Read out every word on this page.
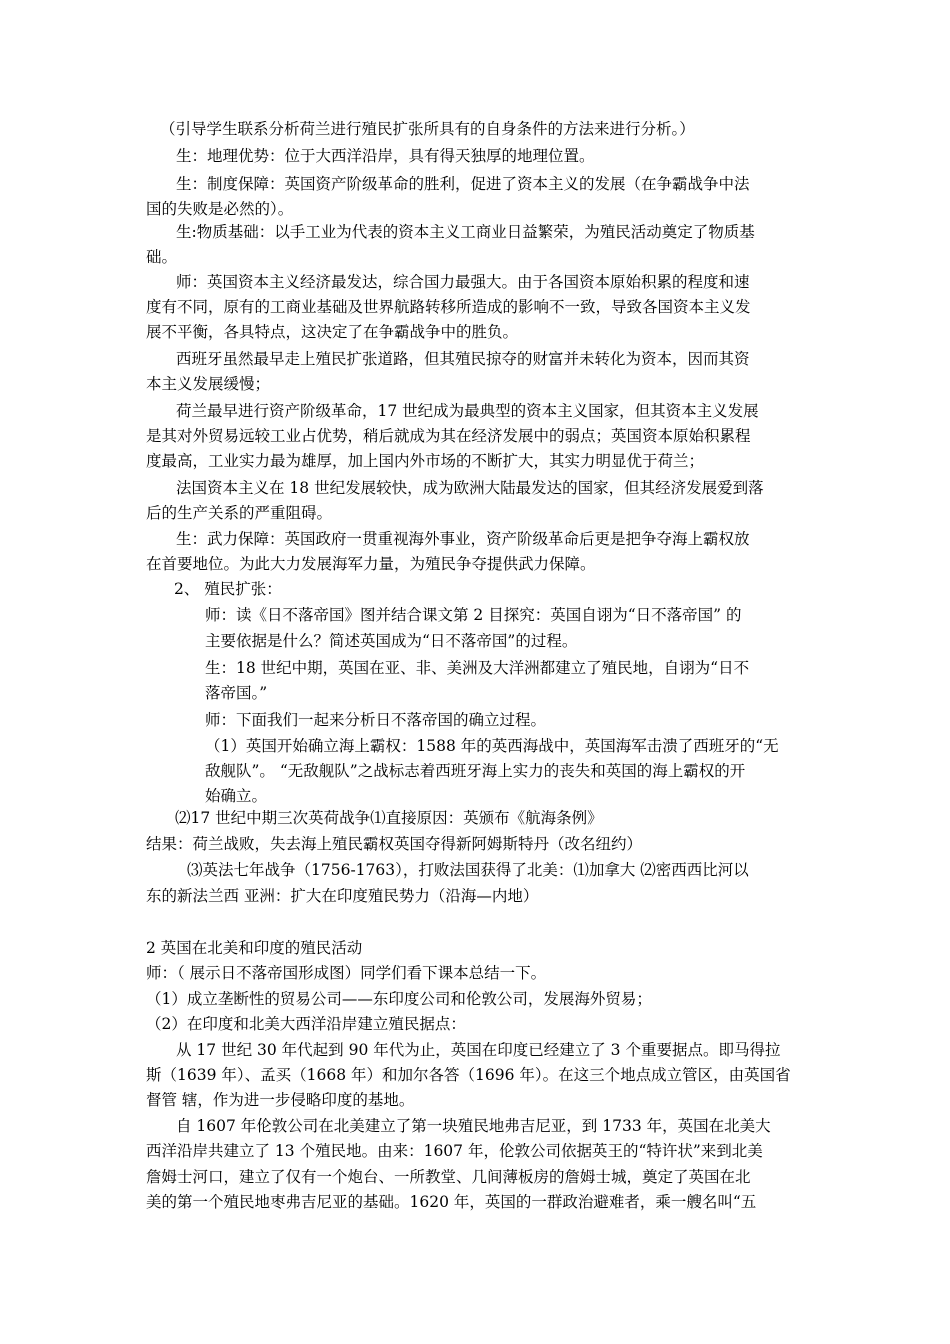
（引导学生联系分析荷兰进行殖民扩张所具有的自身条件的方法来进行分析。）
生：地理优势：位于大西洋沿岸，具有得天独厚的地理位置。
生：制度保障：英国资产阶级革命的胜利，促进了资本主义的发展（在争霸战争中法
国的失败是必然的）。
生:物质基础：以手工业为代表的资本主义工商业日益繁荣，为殖民活动奠定了物质基
础。
师：英国资本主义经济最发达，综合国力最强大。由于各国资本原始积累的程度和速
度有不同，原有的工商业基础及世界航路转移所造成的影响不一致，导致各国资本主义发
展不平衡，各具特点，这决定了在争霸战争中的胜负。
西班牙虽然最早走上殖民扩张道路，但其殖民掠夺的财富并未转化为资本，因而其资
本主义发展缓慢；
荷兰最早进行资产阶级革命，17 世纪成为最典型的资本主义国家，但其资本主义发展
是其对外贸易远较工业占优势，稍后就成为其在经济发展中的弱点；英国资本原始积累程
度最高，工业实力最为雄厚，加上国内外市场的不断扩大，其实力明显优于荷兰；
法国资本主义在 18 世纪发展较快，成为欧洲大陆最发达的国家，但其经济发展爱到落
后的生产关系的严重阻碍。
生：武力保障：英国政府一贯重视海外事业，资产阶级革命后更是把争夺海上霸权放
在首要地位。为此大力发展海军力量，为殖民争夺提供武力保障。
2、 殖民扩张：
师：读《日不落帝国》图并结合课文第 2 目探究：英国自诩为“日不落帝国” 的
主要依据是什么？简述英国成为“日不落帝国”的过程。
生：18 世纪中期，英国在亚、非、美洲及大洋洲都建立了殖民地，自诩为“日不
落帝国。”
师：下面我们一起来分析日不落帝国的确立过程。
（1）英国开始确立海上霸权：1588 年的英西海战中，英国海军击溃了西班牙的“无
敌舰队”。 “无敌舰队”之战标志着西班牙海上实力的丧失和英国的海上霸权的开
始确立。
⑵17 世纪中期三次英荷战争⑴直接原因：英颁布《航海条例》
结果：荷兰战败，失去海上殖民霸权英国夺得新阿姆斯特丹（改名纽约）
⑶英法七年战争（1756-1763），打败法国获得了北美：⑴加拿大 ⑵密西西比河以
东的新法兰西 亚洲：扩大在印度殖民势力（沿海—内地）
2 英国在北美和印度的殖民活动
师：（ 展示日不落帝国形成图）同学们看下课本总结一下。
（1）成立垄断性的贸易公司——东印度公司和伦敦公司，发展海外贸易；
（2）在印度和北美大西洋沿岸建立殖民据点：
从 17 世纪 30 年代起到 90 年代为止，英国在印度已经建立了 3 个重要据点。即马得拉
斯（1639 年）、孟买（1668 年）和加尔各答（1696 年）。在这三个地点成立管区，由英国省
督管 辖，作为进一步侵略印度的基地。
自 1607 年伦敦公司在北美建立了第一块殖民地弗吉尼亚，到 1733 年，英国在北美大
西洋沿岸共建立了 13 个殖民地。由来：1607 年，伦敦公司依据英王的“特许状”来到北美
詹姆士河口，建立了仅有一个炮台、一所教堂、几间薄板房的詹姆士城，奠定了英国在北
美的第一个殖民地枣弗吉尼亚的基础。1620 年，英国的一群政治避难者，乘一艘名叫“五
